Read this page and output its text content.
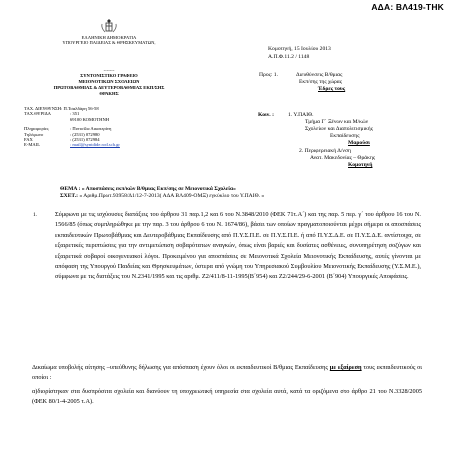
ΑΔΑ: ΒΛ419-ΤΗΚ
ΕΛΛΗΝΙΚΗ ΔΗΜΟΚΡΑΤΙΑ
ΥΠΟΥΡΓΕΙΟ ΠΑΙΔΕΙΑΣ & ΘΡΗΣΚΕΥΜΑΤΩΝ,
-------
ΣΥΝΤΟΝΙΣΤΙΚΟ ΓΡΑΦΕΙΟ
ΜΕΙΟΝΟΤΙΚΩΝ ΣΧΟΛΕΙΩΝ
ΠΡΩΤΟΒΑΘΜΙΑΣ & ΔΕΥΤΕΡΟΒΑΘΜΙΑΣ ΕΚΠ/ΣΗΣ
ΘΡΑΚΗΣ
ΤΑΧ. ΔΙΕΥΘΥΝΣΗ: Π.Τσαλδάρη 56-58
ΤΑΧ.ΘΥΡΙΔΑ	: 351
69100 ΚΟΜΟΤΗΝΗ
Πληροφορίες	: Πιπτσίλα Αικατερίνη
Τηλέφωνο	: (2531) 072980
FAX	: (2531) 072984
E-MAIL	: mail@syntdide.rod.sch.gr
Κομοτηνή, 15 Ιουλίου 2013
Α.Π.Φ.11.2 / 1148
Προς: 1.	Διευθύνσεις Β/θμιας
Εκπ/σης της χώρας
Έδρες τους
Κοιν. :	1. Υ.ΠΑΙΘ.
Τμήμα Γ΄ Ξένων και Μ/κών
Σχολείων και Διαπολιτισμικής
Εκπαίδευσης
Μαρούσι
2. Περιφερειακή Δ/νση
Ανατ. Μακεδονίας – Θράκης
Κομοτηνή
ΘΕΜΑ : « Αποσπάσεις εκπ/κών Β/θμιας Εκπ/σης σε Μειονοτικά Σχολεία»
ΣΧΕΤ.: « Αριθμ.Πρωτ.93958/Δ1/12-7-2013( ΑΔΑ ΒΛ409-ΟΜΞ) εγκύκλιο του Υ.ΠΑΙΘ. »
1.	Σύμφωνα με τις ισχύουσες διατάξεις του άρθρου 31 παρ.1,2 και 6 του Ν.3848/2010 (ΦΕΚ 71τ.Α΄) και της παρ. 5 περ. γ΄ του άρθρου 16 του Ν. 1566/85 (όπως συμπληρώθηκε με την παρ. 3 του άρθρου 6 του Ν. 1674/86), βάσει των οποίων πραγματοποιούνται μέχρι σήμερα οι αποσπάσεις εκπαιδευτικών Πρωτοβάθμιας και Δευτεροβάθμιας Εκπαίδευσης από Π.Υ.Σ.Π.Ε. σε Π.Υ.Σ.Π.Ε. ή από Π.Υ.Σ.Δ.Ε. σε Π.Υ.Σ.Δ.Ε. αντίστοιχα, σε εξαιρετικές περιπτώσεις για την αντιμετώπιση σοβαρότατων αναγκών, όπως είναι βαριές και δυσίατες ασθένειες, συνυπηρέτηση σοζύγων και εξαιρετικά σοβαροί οικογενειακοί λόγοι. Προκειμένου για αποσπάσεις σε Μειονοτικά Σχολεία Μειονοτικής Εκπαίδευσης, αυτές γίνονται με απόφαση της Υπουργού Παιδείας και Θρησκευμάτων, ύστερα από γνώμη του Υπηρεσιακού Συμβουλίου Μειονοτικής Εκπαίδευσης (Υ.Σ.Μ.Ε.), σύμφωνα με τις διατάξεις του Ν.2341/1995 και τις αριθμ. Ζ2/411/8-11-1995(Β΄954) και Ζ2/244/29-6-2001 (Β΄904) Υπουργικές Αποφάσεις.
Δικαίωμα υποβολής αίτησης –υπεύθυνης δήλωσης για απόσπαση έχουν όλοι οι εκπαιδευτικοί Β/θμιας Εκπαίδευσης με εξαίρεση τους εκπαιδευτικούς οι οποίοι :
α)διορίστηκαν στα δυσπρόσιτα σχολεία και διανύουν τη υποχρεωτική υπηρεσία στα σχολεία αυτά, κατά τα οριζόμενα στο άρθρο 21 του Ν.3328/2005 (ΦΕΚ 80/1-4-2005 τ.Α).
